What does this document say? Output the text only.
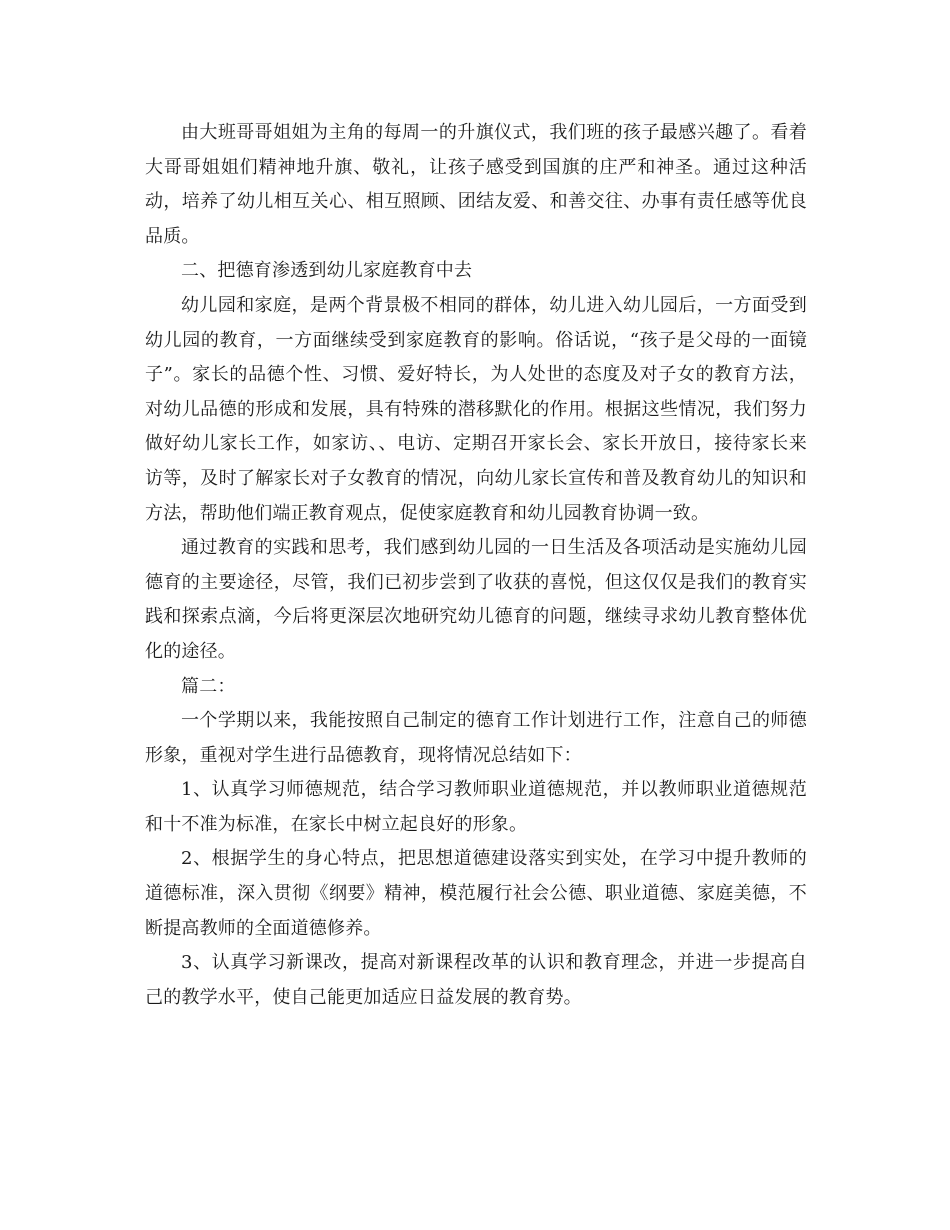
由大班哥哥姐姐为主角的每周一的升旗仪式，我们班的孩子最感兴趣了。看着大哥哥姐姐们精神地升旗、敬礼，让孩子感受到国旗的庄严和神圣。通过这种活动，培养了幼儿相互关心、相互照顾、团结友爱、和善交往、办事有责任感等优良品质。

二、把德育渗透到幼儿家庭教育中去

幼儿园和家庭，是两个背景极不相同的群体，幼儿进入幼儿园后，一方面受到幼儿园的教育，一方面继续受到家庭教育的影响。俗话说，“孩子是父母的一面镜子”。家长的品德个性、习惯、爱好特长，为人处世的态度及对子女的教育方法，对幼儿品德的形成和发展，具有特殊的潜移默化的作用。根据这些情况，我们努力做好幼儿家长工作，如家访、、电访、定期召开家长会、家长开放日，接待家长来访等，及时了解家长对子女教育的情况，向幼儿家长宣传和普及教育幼儿的知识和方法，帮助他们端正教育观点，促使家庭教育和幼儿园教育协调一致。

通过教育的实践和思考，我们感到幼儿园的一日生活及各项活动是实施幼儿园德育的主要途径，尽管，我们已初步尝到了收获的喜悦，但这仅仅是我们的教育实践和探索点滴，今后将更深层次地研究幼儿德育的问题，继续寻求幼儿教育整体优化的途径。

篇二：

一个学期以来，我能按照自己制定的德育工作计划进行工作，注意自己的师德形象，重视对学生进行品德教育，现将情况总结如下：

1、认真学习师德规范，结合学习教师职业道德规范，并以教师职业道德规范和十不准为标准，在家长中树立起良好的形象。

2、根据学生的身心特点，把思想道德建设落实到实处，在学习中提升教师的道德标准，深入贯彻《纲要》精神，模范履行社会公德、职业道德、家庭美德，不断提高教师的全面道德修养。

3、认真学习新课改，提高对新课程改革的认识和教育理念，并进一步提高自己的教学水平，使自己能更加适应日益发展的教育势。
